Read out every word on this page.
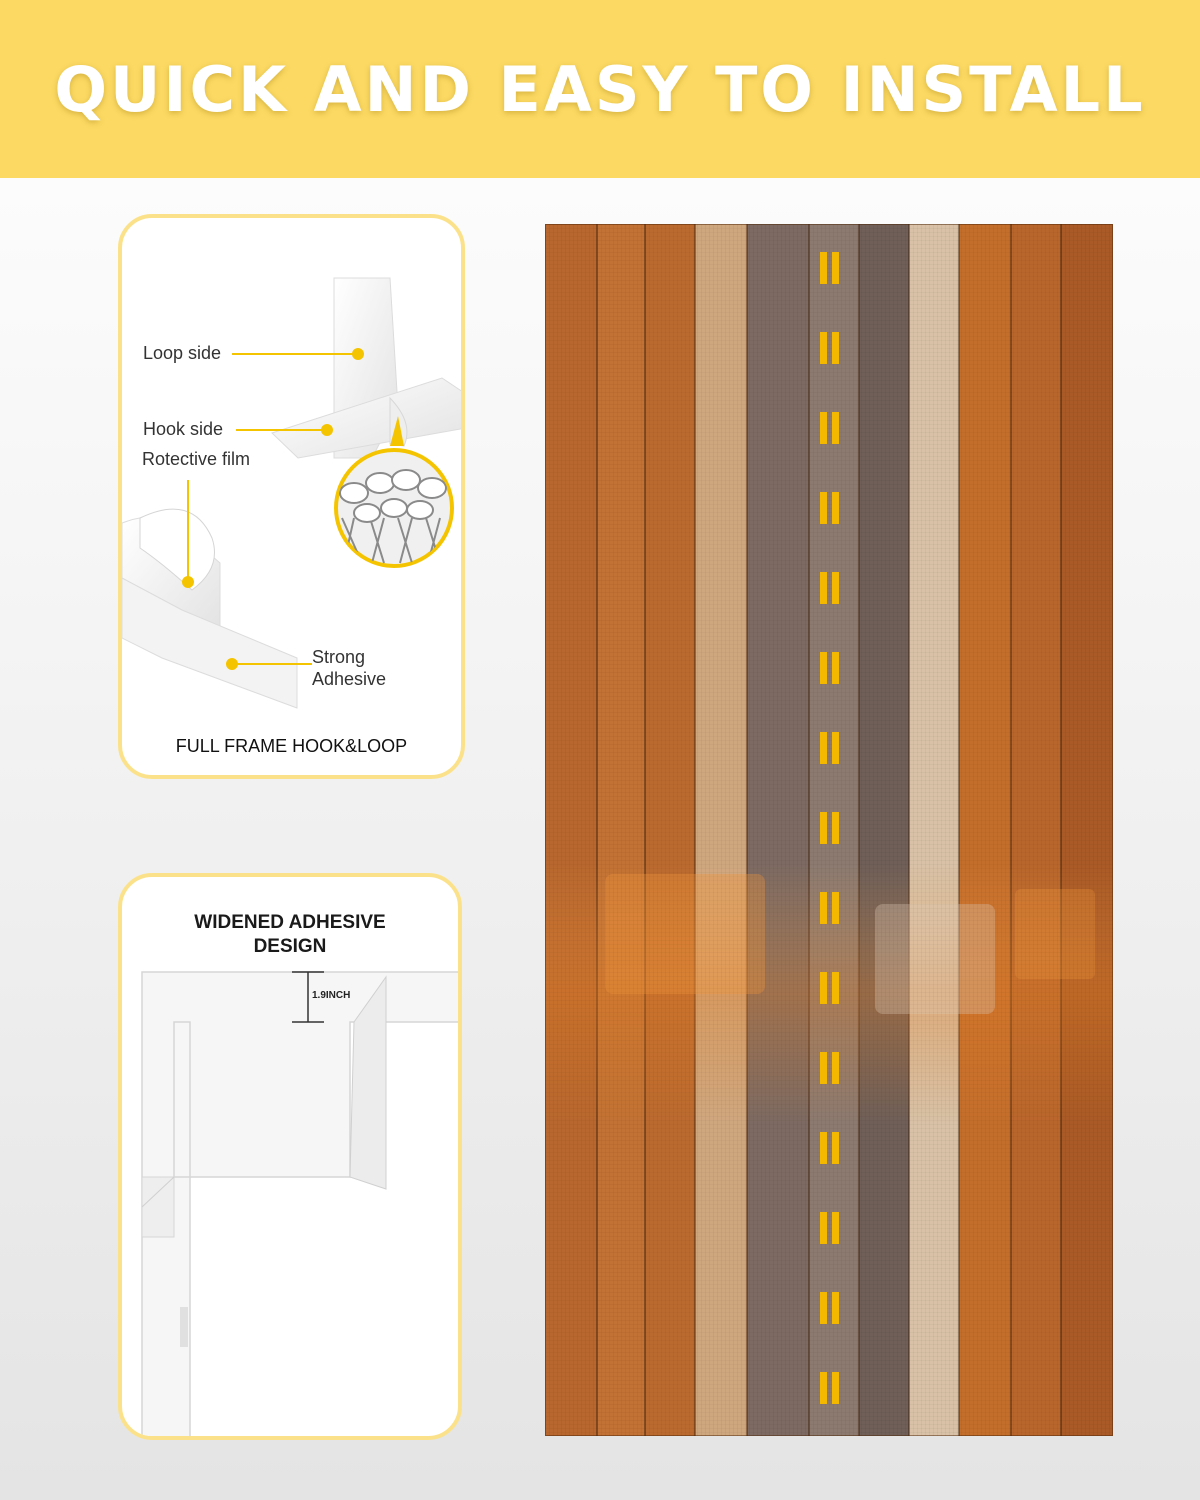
QUICK AND EASY TO INSTALL
Loop side
Hook side
Rotective film
Strong
Adhesive
FULL FRAME HOOK&LOOP
WIDENED ADHESIVE
DESIGN
1.9INCH
